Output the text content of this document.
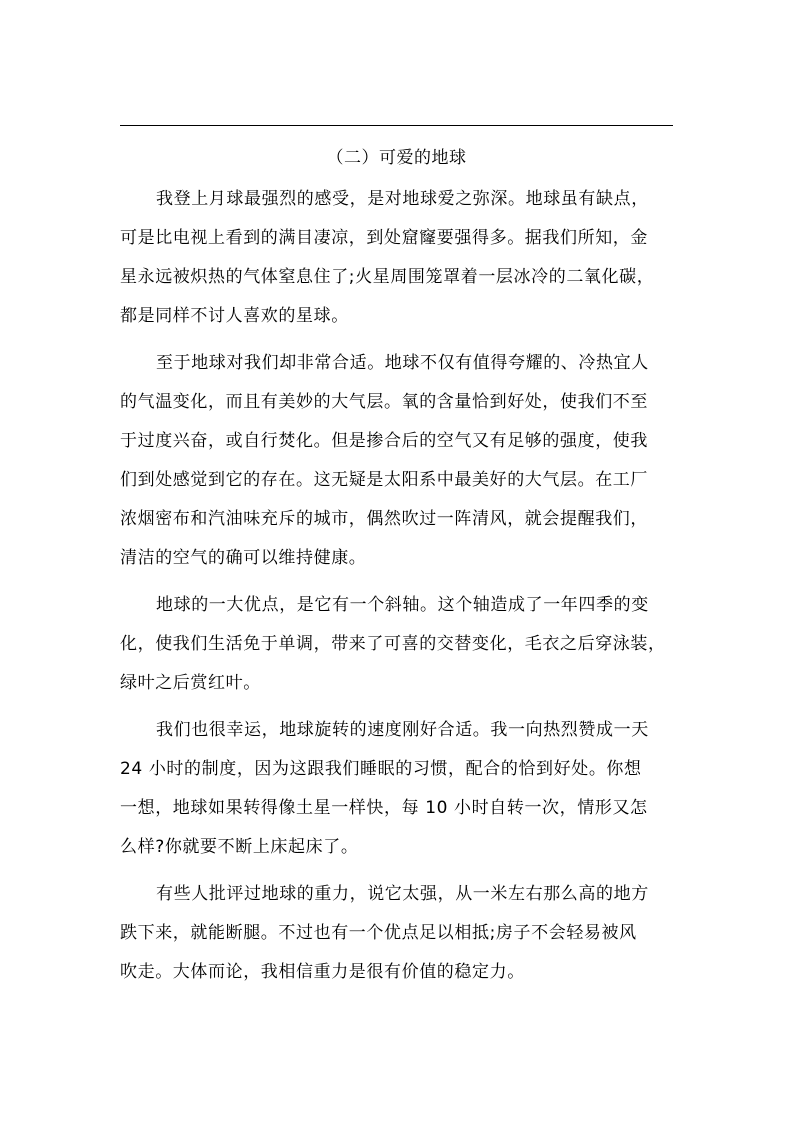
（二）可爱的地球
我登上月球最强烈的感受，是对地球爱之弥深。地球虽有缺点，
可是比电视上看到的满目凄凉，到处窟窿要强得多。据我们所知，金
星永远被炽热的气体窒息住了;火星周围笼罩着一层冰冷的二氧化碳，
都是同样不讨人喜欢的星球。
至于地球对我们却非常合适。地球不仅有值得夸耀的、冷热宜人
的气温变化，而且有美妙的大气层。氧的含量恰到好处，使我们不至
于过度兴奋，或自行焚化。但是掺合后的空气又有足够的强度，使我
们到处感觉到它的存在。这无疑是太阳系中最美好的大气层。在工厂
浓烟密布和汽油味充斥的城市，偶然吹过一阵清风，就会提醒我们，
清洁的空气的确可以维持健康。
地球的一大优点，是它有一个斜轴。这个轴造成了一年四季的变
化，使我们生活免于单调，带来了可喜的交替变化，毛衣之后穿泳装，
绿叶之后赏红叶。
我们也很幸运，地球旋转的速度刚好合适。我一向热烈赞成一天
24 小时的制度，因为这跟我们睡眠的习惯，配合的恰到好处。你想
一想，地球如果转得像土星一样快，每 10 小时自转一次，情形又怎
么样?你就要不断上床起床了。
有些人批评过地球的重力，说它太强，从一米左右那么高的地方
跌下来，就能断腿。不过也有一个优点足以相抵;房子不会轻易被风
吹走。大体而论，我相信重力是很有价值的稳定力。
